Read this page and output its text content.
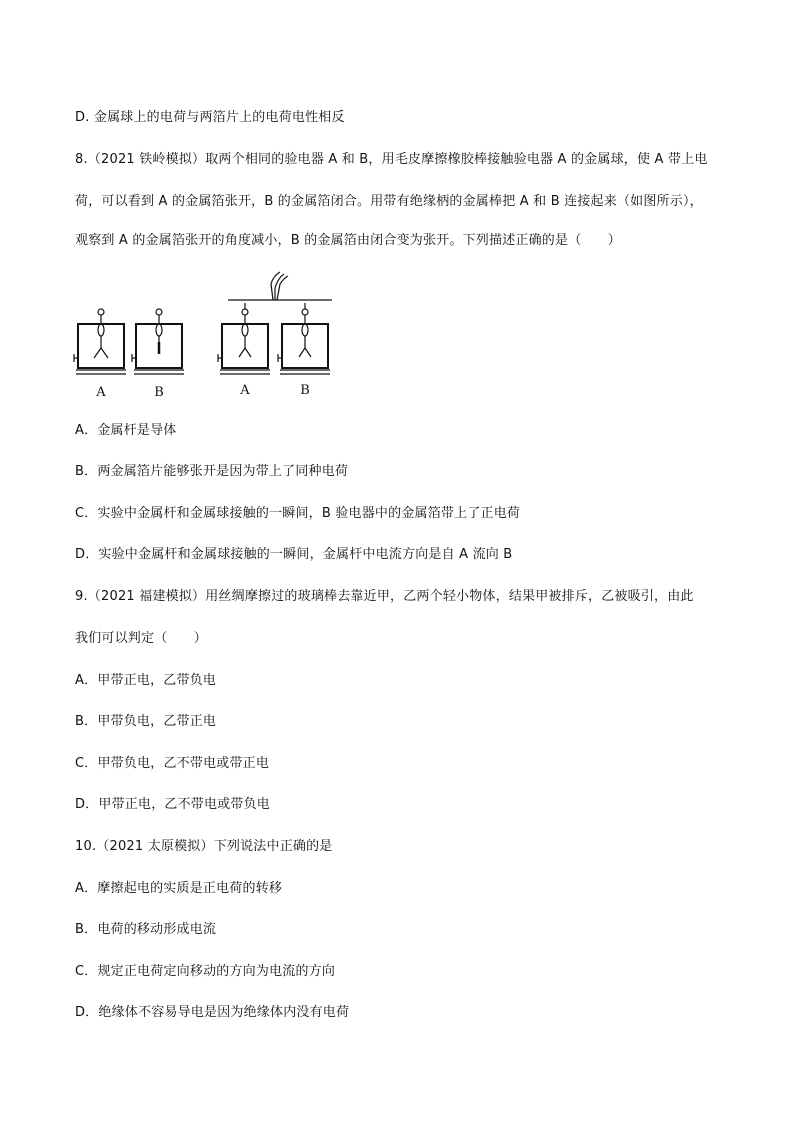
D. 金属球上的电荷与两箔片上的电荷电性相反
8.（2021 铁岭模拟）取两个相同的验电器 A 和 B，用毛皮摩擦橡胶棒接触验电器 A 的金属球，使 A 带上电
荷，可以看到 A 的金属箔张开，B 的金属箔闭合。用带有绝缘柄的金属棒把 A 和 B 连接起来（如图所示），
观察到 A 的金属箔张开的角度减小，B 的金属箔由闭合变为张开。下列描述正确的是（　　）
A	B	A	B
A．金属杆是导体
B．两金属箔片能够张开是因为带上了同种电荷
C．实验中金属杆和金属球接触的一瞬间，B 验电器中的金属箔带上了正电荷
D．实验中金属杆和金属球接触的一瞬间，金属杆中电流方向是自 A 流向 B
9.（2021 福建模拟）用丝绸摩擦过的玻璃棒去靠近甲，乙两个轻小物体，结果甲被排斥，乙被吸引，由此
我们可以判定（　　）
A．甲带正电，乙带负电
B．甲带负电，乙带正电
C．甲带负电，乙不带电或带正电
D．甲带正电，乙不带电或带负电
10.（2021 太原模拟）下列说法中正确的是
A．摩擦起电的实质是正电荷的转移
B．电荷的移动形成电流
C．规定正电荷定向移动的方向为电流的方向
D．绝缘体不容易导电是因为绝缘体内没有电荷
